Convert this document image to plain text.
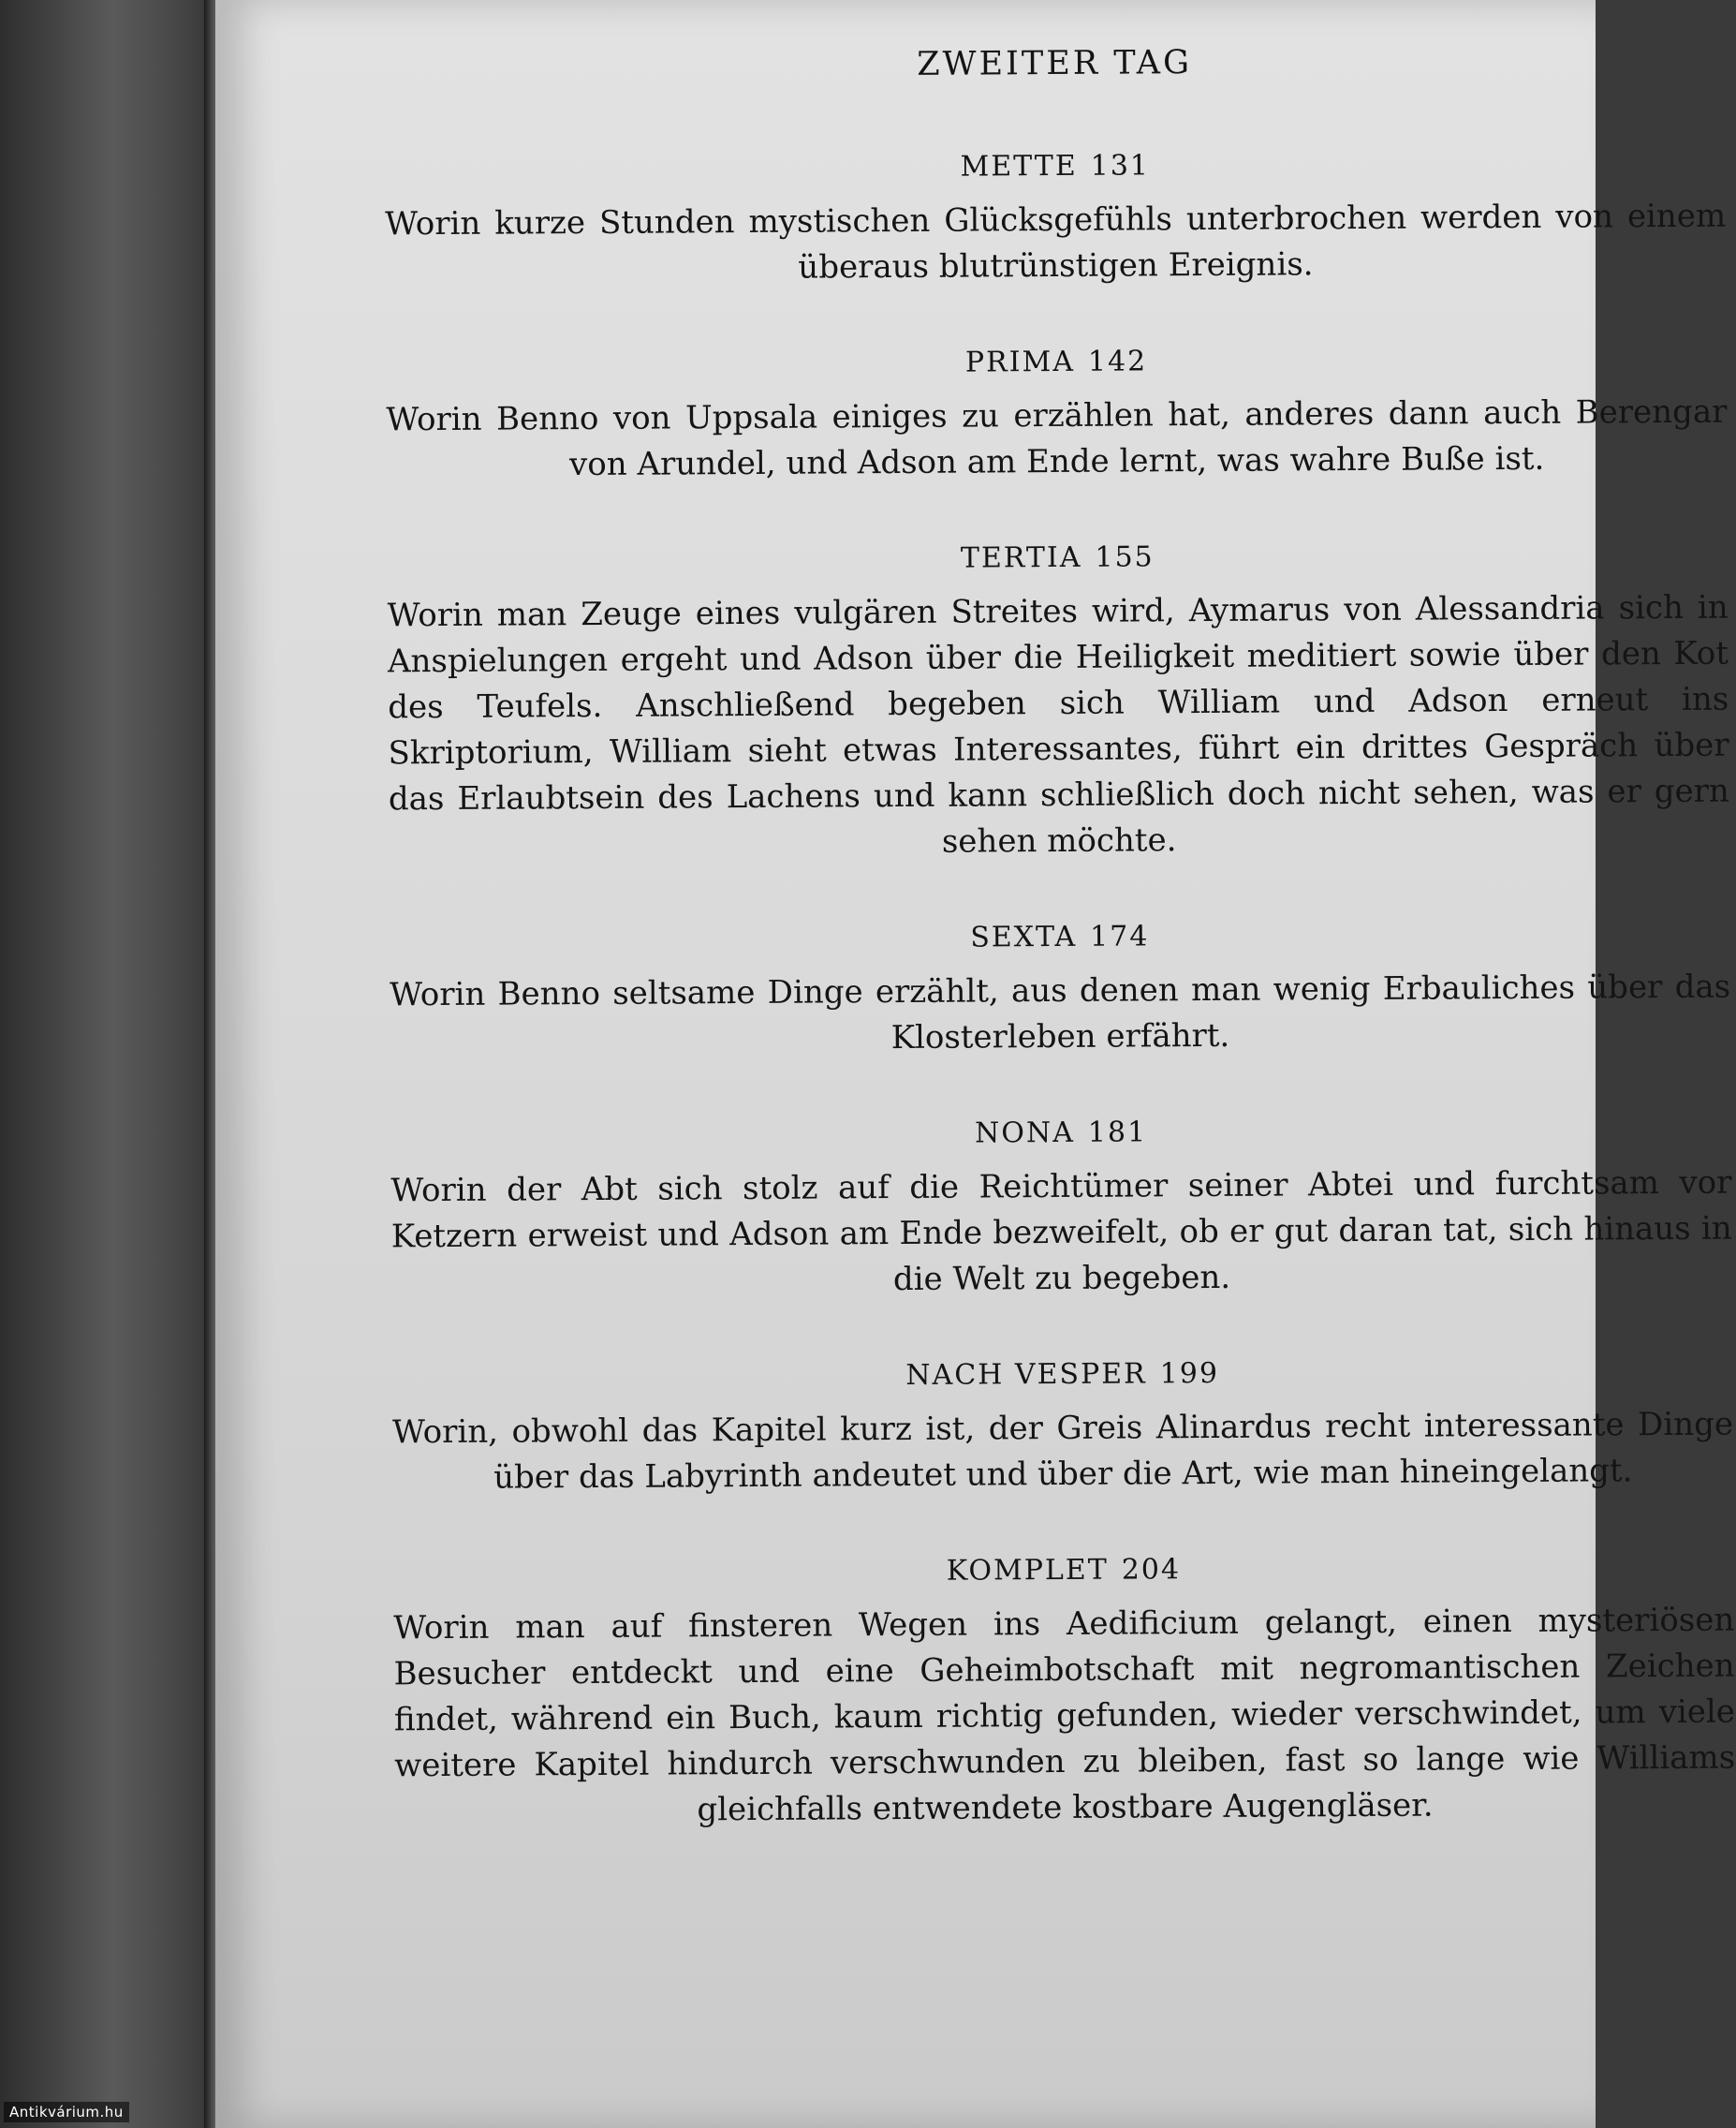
ZWEITER TAG
METTE 131

Worin kurze Stunden mystischen Glücksgefühls unterbrochen werden von einem überaus blutrünstigen Ereignis.

PRIMA 142

Worin Benno von Uppsala einiges zu erzählen hat, anderes dann auch Berengar von Arundel, und Adson am Ende lernt, was wahre Buße ist.

TERTIA 155

Worin man Zeuge eines vulgären Streites wird, Aymarus von Alessandria sich in Anspielungen ergeht und Adson über die Heiligkeit meditiert sowie über den Kot des Teufels. Anschließend begeben sich William und Adson erneut ins Skriptorium, William sieht etwas Interessantes, führt ein drittes Gespräch über das Erlaubtsein des Lachens und kann schließlich doch nicht sehen, was er gern sehen möchte.

SEXTA 174

Worin Benno seltsame Dinge erzählt, aus denen man wenig Erbauliches über das Klosterleben erfährt.

NONA 181

Worin der Abt sich stolz auf die Reichtümer seiner Abtei und furchtsam vor Ketzern erweist und Adson am Ende bezweifelt, ob er gut daran tat, sich hinaus in die Welt zu begeben.

NACH VESPER 199

Worin, obwohl das Kapitel kurz ist, der Greis Alinardus recht interessante Dinge über das Labyrinth andeutet und über die Art, wie man hineingelangt.

KOMPLET 204

Worin man auf finsteren Wegen ins Aedificium gelangt, einen mysteriösen Besucher entdeckt und eine Geheimbotschaft mit negromantischen Zeichen findet, während ein Buch, kaum richtig gefunden, wieder verschwindet, um viele weitere Kapitel hindurch verschwunden zu bleiben, fast so lange wie Williams gleichfalls entwendete kostbare Augengläser.

Antikvárium.hu
